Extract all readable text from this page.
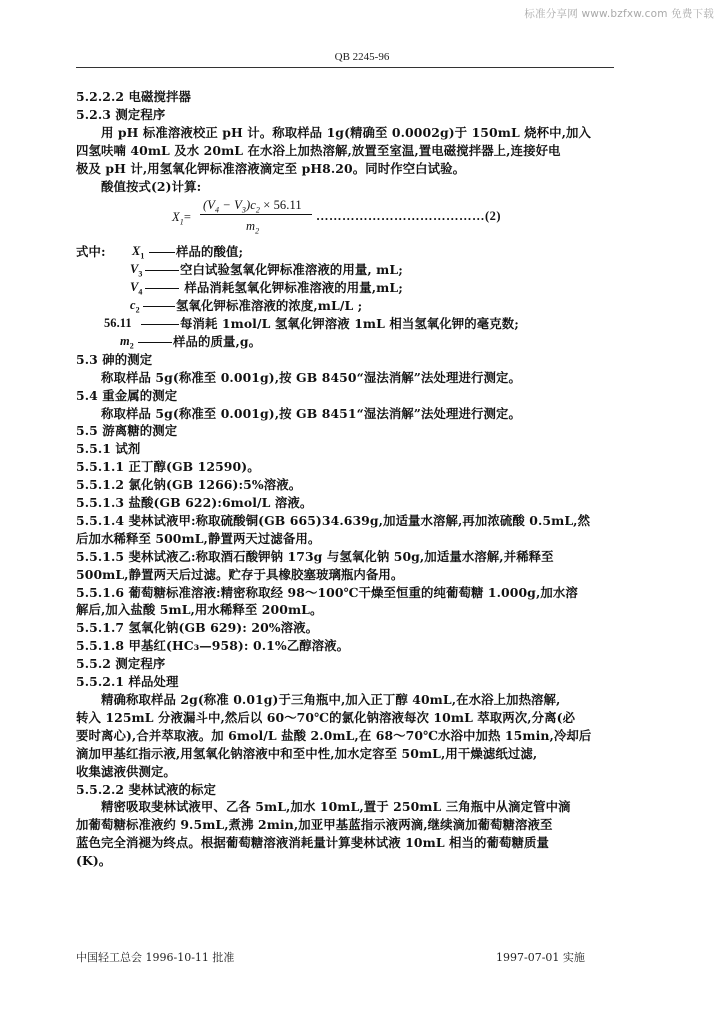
标准分享网 www.bzfxw.com 免费下载
QB 2245-96

5.2.2.2 电磁搅拌器

5.2.3 测定程序

用 pH 标准溶液校正 pH 计。称取样品 1g(精确至 0.0002g)于 150mL 烧杯中,加入

四氢呋喃 40mL 及水 20mL 在水浴上加热溶解,放置至室温,置电磁搅拌器上,连接好电

极及 pH 计,用氢氧化钾标准溶液滴定至 pH8.20。同时作空白试验。

酸值按式(2)计算:

$X_1=$
$(V_4 - V_3)c_2 \times 56.11$
$m_2$
…………………………………(2)
式中: $X_1$	样品的酸值;
$V_3$	空白试验氢氧化钾标准溶液的用量, mL;
$V_4$	样品消耗氢氧化钾标准溶液的用量,mL;
$c_2$	氢氧化钾标准溶液的浓度,mL/L ;
56.11	每消耗 1mol/L 氢氧化钾溶液 1mL 相当氢氧化钾的毫克数;
$m_2$	样品的质量,g。

5.3 砷的测定

称取样品 5g(称准至 0.001g),按 GB 8450“湿法消解”法处理进行测定。

5.4 重金属的测定

称取样品 5g(称准至 0.001g),按 GB 8451“湿法消解”法处理进行测定。

5.5 游离糖的测定

5.5.1 试剂

5.5.1.1 正丁醇(GB 12590)。

5.5.1.2 氯化钠(GB 1266):5%溶液。

5.5.1.3 盐酸(GB 622):6mol/L 溶液。

5.5.1.4 斐林试液甲:称取硫酸铜(GB 665)34.639g,加适量水溶解,再加浓硫酸 0.5mL,然

后加水稀释至 500mL,静置两天过滤备用。

5.5.1.5 斐林试液乙:称取酒石酸钾钠 173g 与氢氧化钠 50g,加适量水溶解,并稀释至

500mL,静置两天后过滤。贮存于具橡胶塞玻璃瓶内备用。

5.5.1.6 葡萄糖标准溶液:精密称取经 98～100℃干燥至恒重的纯葡萄糖 1.000g,加水溶

解后,加入盐酸 5mL,用水稀释至 200mL。

5.5.1.7 氢氧化钠(GB 629): 20%溶液。

5.5.1.8 甲基红(HC₃—958): 0.1%乙醇溶液。

5.5.2 测定程序

5.5.2.1 样品处理

精确称取样品 2g(称准 0.01g)于三角瓶中,加入正丁醇 40mL,在水浴上加热溶解,

转入 125mL 分液漏斗中,然后以 60～70℃的氯化钠溶液每次 10mL 萃取两次,分离(必

要时离心),合并萃取液。加 6mol/L 盐酸 2.0mL,在 68～70℃水浴中加热 15min,冷却后

滴加甲基红指示液,用氢氧化钠溶液中和至中性,加水定容至 50mL,用干燥滤纸过滤,

收集滤液供测定。

5.5.2.2 斐林试液的标定

精密吸取斐林试液甲、乙各 5mL,加水 10mL,置于 250mL 三角瓶中从滴定管中滴

加葡萄糖标准液约 9.5mL,煮沸 2min,加亚甲基蓝指示液两滴,继续滴加葡萄糖溶液至

蓝色完全消褪为终点。根据葡萄糖溶液消耗量计算斐林试液 10mL 相当的葡萄糖质量

(K)。

中国轻工总会 1996-10-11 批准	1997-07-01 实施
